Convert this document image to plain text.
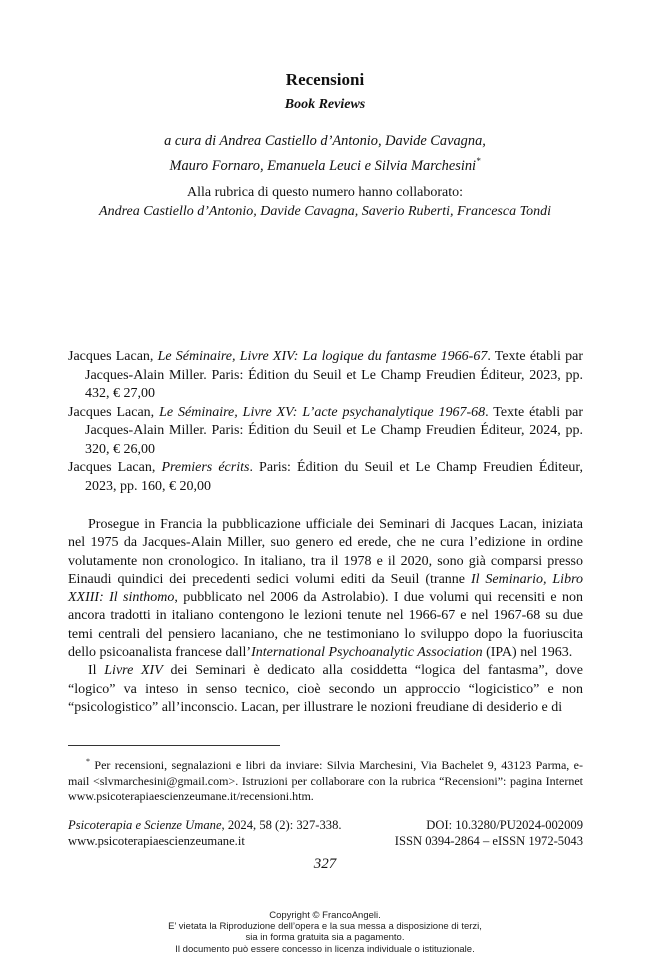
Recensioni
Book Reviews
a cura di Andrea Castiello d’Antonio, Davide Cavagna,
Mauro Fornaro, Emanuela Leuci e Silvia Marchesini*
Alla rubrica di questo numero hanno collaborato:
Andrea Castiello d’Antonio, Davide Cavagna, Saverio Ruberti, Francesca Tondi

Jacques Lacan, Le Séminaire, Livre XIV: La logique du fantasme 1966-67. Texte établi par Jacques-Alain Miller. Paris: Édition du Seuil et Le Champ Freudien Éditeur, 2023, pp. 432, € 27,00

Jacques Lacan, Le Séminaire, Livre XV: L’acte psychanalytique 1967-68. Texte établi par Jacques-Alain Miller. Paris: Édition du Seuil et Le Champ Freudien Éditeur, 2024, pp. 320, € 26,00

Jacques Lacan, Premiers écrits. Paris: Édition du Seuil et Le Champ Freudien Éditeur, 2023, pp. 160, € 20,00

Prosegue in Francia la pubblicazione ufficiale dei Seminari di Jacques Lacan, iniziata nel 1975 da Jacques-Alain Miller, suo genero ed erede, che ne cura l’edizione in ordine volutamente non cronologico. In italiano, tra il 1978 e il 2020, sono già comparsi presso Einaudi quindici dei precedenti sedici volumi editi da Seuil (tranne Il Seminario, Libro XXIII: Il sinthomo, pubblicato nel 2006 da Astrolabio). I due volumi qui recensiti e non ancora tradotti in italiano contengono le lezioni tenute nel 1966-67 e nel 1967-68 su due temi centrali del pensiero lacaniano, che ne testimoniano lo sviluppo dopo la fuoriuscita dello psicoanalista francese dall’International Psychoanalytic Association (IPA) nel 1963.

Il Livre XIV dei Seminari è dedicato alla cosiddetta “logica del fantasma”, dove “logico” va inteso in senso tecnico, cioè secondo un approccio “logicistico” e non “psicologistico” all’inconscio. Lacan, per illustrare le nozioni freudiane di desiderio e di

* Per recensioni, segnalazioni e libri da inviare: Silvia Marchesini, Via Bachelet 9, 43123 Parma, e-mail <slvmarchesini@gmail.com>. Istruzioni per collaborare con la rubrica “Recensioni”: pagina Internet www.psicoterapiaescienzeumane.it/recensioni.htm.
Psicoterapia e Scienze Umane, 2024, 58 (2): 327-338.	DOI: 10.3280/PU2024-002009
www.psicoterapiaescienzeumane.it	ISSN 0394-2864 – eISSN 1972-5043
327
Copyright © FrancoAngeli.
E’ vietata la Riproduzione dell’opera e la sua messa a disposizione di terzi,
sia in forma gratuita sia a pagamento.
Il documento può essere concesso in licenza individuale o istituzionale.
